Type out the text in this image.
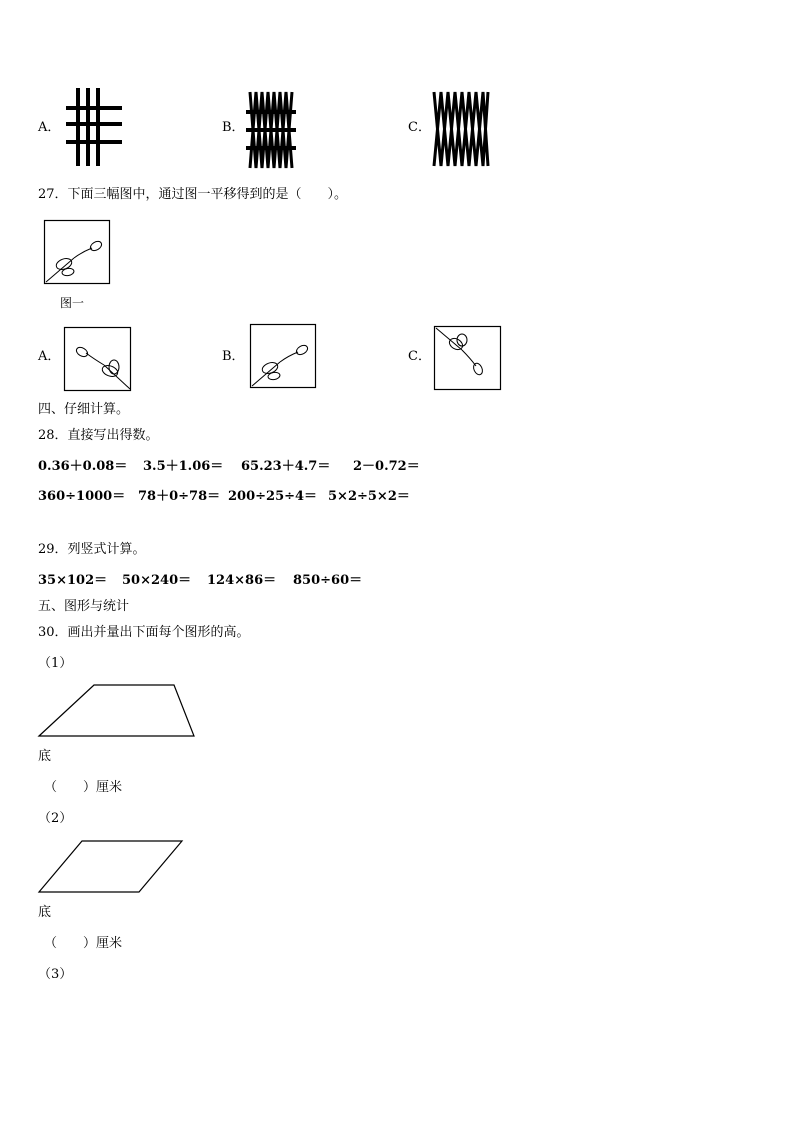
A．	B．	C．
27．下面三幅图中，通过图一平移得到的是（　　）。
图一
A．	B．	C．
四、仔细计算。
28．直接写出得数。
0.36＋0.08＝ 3.5＋1.06＝ 65.23＋4.7＝ 2－0.72＝
360÷1000＝ 78＋0÷78＝ 200÷25÷4＝ 5×2÷5×2＝
29．列竖式计算。
35×102＝ 50×240＝ 124×86＝ 850÷60＝
五、图形与统计
30．画出并量出下面每个图形的高。
（1）
底
（　　）厘米
（2）
底
（　　）厘米
（3）
